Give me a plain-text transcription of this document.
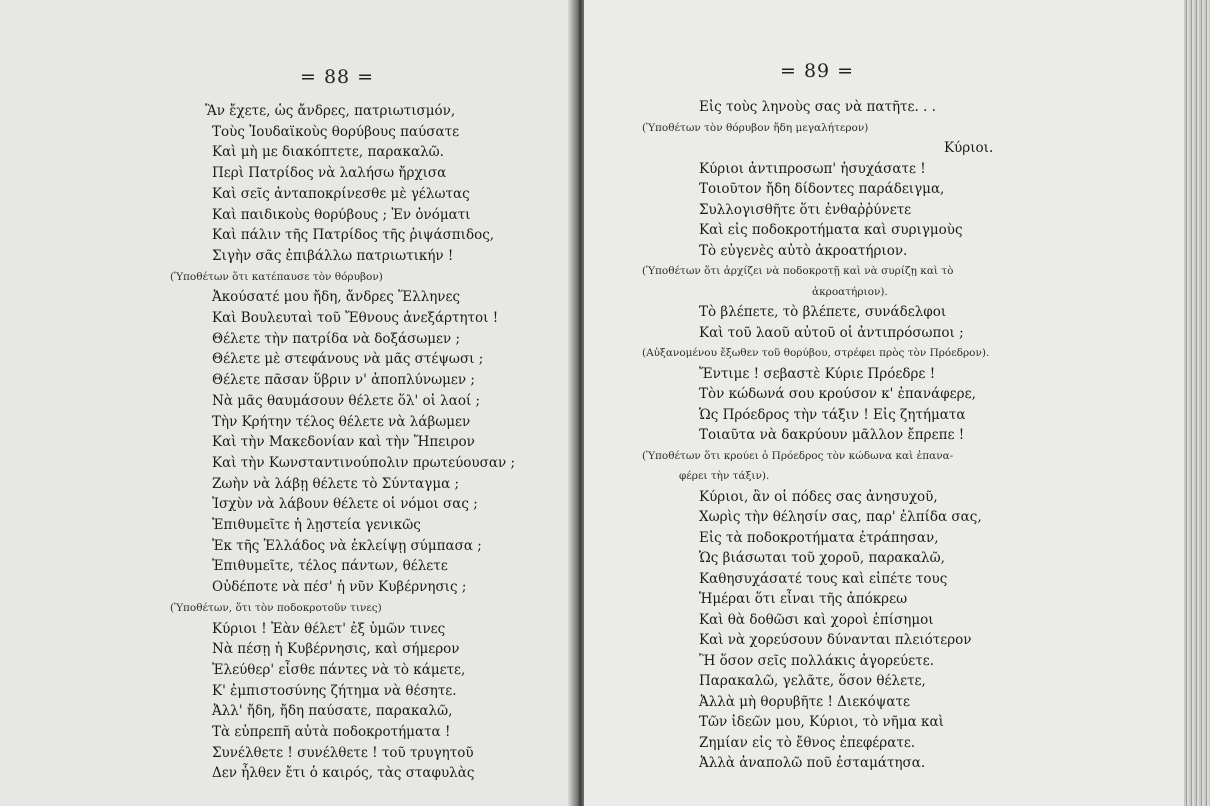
= 88 =
Ἂν ἔχετε, ὡς ἄνδρες, πατριωτισμόν,
Τοὺς Ἰουδαϊκοὺς θορύβους παύσατε
Καὶ μὴ με διακόπτετε, παρακαλῶ.
Περὶ Πατρίδος νὰ λαλήσω ἤρχισα
Καὶ σεῖς ἀνταποκρίνεσθε μὲ γέλωτας
Καὶ παιδικοὺς θορύβους ; Ἐν ὀνόματι
Καὶ πάλιν τῆς Πατρίδος τῆς ῥιψάσπιδος,
Σιγὴν σᾶς ἐπιβάλλω πατριωτικήν !
(Ὑποθέτων ὅτι κατέπαυσε τὸν θόρυβον)
Ἀκούσατέ μου ἤδη, ἄνδρες Ἕλληνες
Καὶ Βουλευταὶ τοῦ Ἔθνους ἀνεξάρτητοι !
Θέλετε τὴν πατρίδα νὰ δοξάσωμεν ;
Θέλετε μὲ στεφάνους νὰ μᾶς στέψωσι ;
Θέλετε πᾶσαν ὕβριν ν' ἀποπλύνωμεν ;
Νὰ μᾶς θαυμάσουν θέλετε ὅλ' οἱ λαοί ;
Τὴν Κρήτην τέλος θέλετε νὰ λάβωμεν
Καὶ τὴν Μακεδονίαν καὶ τὴν Ἤπειρον
Καὶ τὴν Κωνσταντινούπολιν πρωτεύουσαν ;
Ζωὴν νὰ λάβῃ θέλετε τὸ Σύνταγμα ;
Ἰσχὺν νὰ λάβουν θέλετε οἱ νόμοι σας ;
Ἐπιθυμεῖτε ἡ λῃστεία γενικῶς
Ἐκ τῆς Ἑλλάδος νὰ ἐκλείψῃ σύμπασα ;
Ἐπιθυμεῖτε, τέλος πάντων, θέλετε
Οὐδέποτε νὰ πέσ' ἡ νῦν Κυβέρνησις ;
(Ὑποθέτων, ὅτι τὸν ποδοκροτοῦν τινες)
Κύριοι ! Ἐὰν θέλετ' ἐξ ὑμῶν τινες
Νὰ πέσῃ ἡ Κυβέρνησις, καὶ σήμερον
Ἐλεύθερ' εἶσθε πάντες νὰ τὸ κάμετε,
Κ' ἐμπιστοσύνης ζήτημα νὰ θέσητε.
Ἀλλ' ἤδη, ἤδη παύσατε, παρακαλῶ,
Τὰ εὐπρεπῆ αὐτὰ ποδοκροτήματα !
Συνέλθετε ! συνέλθετε ! τοῦ τρυγητοῦ
Δεν ἦλθεν ἔτι ὁ καιρός, τὰς σταφυλὰς
= 89 =
Εἰς τοὺς ληνοὺς σας νὰ πατῆτε. . .
(Ὑποθέτων τὸν θόρυβον ἤδη μεγαλήτερον)
Κύριοι.
Κύριοι ἀντιπροσωπ' ἡσυχάσατε !
Τοιοῦτον ἤδη δίδοντες παράδειγμα,
Συλλογισθῆτε ὅτι ἐνθαῤῥύνετε
Καὶ εἰς ποδοκροτήματα καὶ συριγμοὺς
Τὸ εὐγενὲς αὐτὸ ἀκροατήριον.
(Ὑποθέτων ὅτι ἀρχίζει νὰ ποδοκροτῇ καὶ νὰ συρίζῃ καὶ τὸ
ἀκροατήριον).
Τὸ βλέπετε, τὸ βλέπετε, συνάδελφοι
Καὶ τοῦ λαοῦ αὐτοῦ οἱ ἀντιπρόσωποι ;
(Αὐξανομένου ἔξωθεν τοῦ θορύβου, στρέφει πρὸς τὸν Πρόεδρον).
Ἔντιμε ! σεβαστὲ Κύριε Πρόεδρε !
Τὸν κώδωνά σου κρούσον κ' ἐπανάφερε,
Ὡς Πρόεδρος τὴν τάξιν ! Εἰς ζητήματα
Τοιαῦτα νὰ δακρύουν μᾶλλον ἔπρεπε !
(Ὑποθέτων ὅτι κρούει ὁ Πρόεδρος τὸν κώδωνα καὶ ἐπανα-
φέρει τὴν τάξιν).
Κύριοι, ἂν οἱ πόδες σας ἀνησυχοῦ,
Χωρὶς τὴν θέλησίν σας, παρ' ἐλπίδα σας,
Εἰς τὰ ποδοκροτήματα ἐτράπησαν,
Ὡς βιάσωται τοῦ χοροῦ, παρακαλῶ,
Καθησυχάσατέ τους καὶ εἰπέτε τους
Ἡμέραι ὅτι εἶναι τῆς ἀπόκρεω
Καὶ θὰ δοθῶσι καὶ χοροὶ ἐπίσημοι
Καὶ νὰ χορεύσουν δύνανται πλειότερον
Ἢ ὅσον σεῖς πολλάκις ἀγορεύετε.
Παρακαλῶ, γελᾶτε, ὅσον θέλετε,
Ἀλλὰ μὴ θορυβῆτε ! Διεκόψατε
Τῶν ἰδεῶν μου, Κύριοι, τὸ νῆμα καὶ
Ζημίαν εἰς τὸ ἔθνος ἐπεφέρατε.
Ἀλλὰ ἀναπολῶ ποῦ ἐσταμάτησα.
